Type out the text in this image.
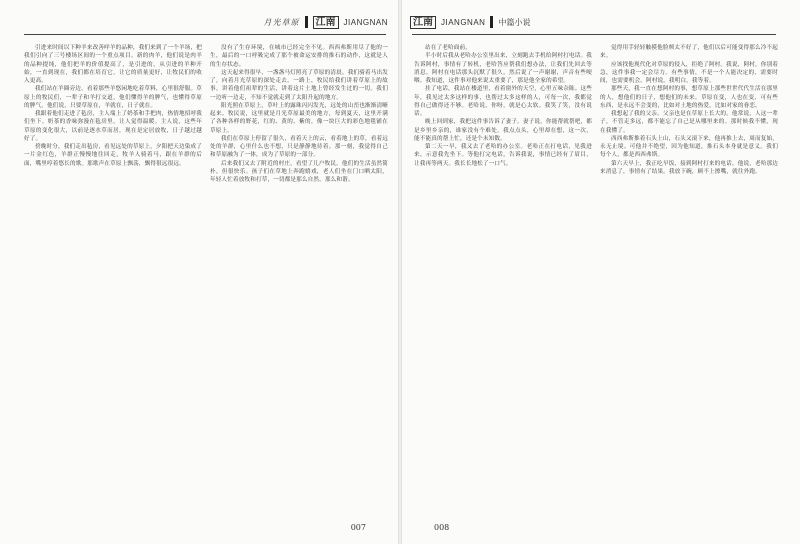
月光草原	江南	JIANGNAN

引进来时间以下种羊来改善咩羊的品种，我们来到了一个羊场，把我们引向了三号楼场区间的一个重点项目。新的肉羊，他们说是肉羊的品种提纯，他们把羊的价值提高了，是引进的，从引进的羊种开始，一直到现在，我们都在培育它，让它的质量更好，让牧民们的收入更高。

我们站在羊圈旁边，看着那些羊悠闲地吃着草料，心里很舒服。草原上的牧民们，一辈子和羊打交道，他们懂得羊的脾气，也懂得草原的脾气。他们说，只要草原在，羊就在，日子就在。

我跟着他们走进了毡房，主人端上了奶茶和手把肉，热情地招呼我们坐下。奶茶的香味弥漫在毡房里，让人觉得温暖。主人说，这些年草原的变化很大，以前是逐水草而居，现在是定居放牧，日子越过越好了。

傍晚时分，我们走出毡房，看见远处的草原上，夕阳把天边染成了一片金红色，羊群正慢慢地往回走，牧羊人骑着马，跟在羊群的后面，嘴里哼着悠长的歌。那歌声在草原上飘荡，飘得很远很远。

没有了生存环境，在城市已经完全不见。西西弗斯用尽了他的一生，最后的一口呼吸完成了那个被命运安排的推石的动作，这就是人的生存状态。

这天起来得很早，一盏盏马灯照亮了草原的清晨。我们骑着马出发了，向着月光草原的深处走去。一路上，牧民给我们讲着草原上的故事，讲着他们祖辈的生活，讲着这片土地上曾经发生过的一切。我们一边听一边走，不知不觉就走到了太阳升起的地方。

阳光照在草原上，草叶上的露珠闪闪发光，远处的山峦也渐渐清晰起来。牧民说，这里就是月光草原最美的地方，每到夏天，这里开满了各种各样的野花，红的、黄的、紫的，像一块巨大的彩色地毯铺在草原上。

我们在草原上停留了很久，看着天上的云，看着地上的草，看着远处的羊群，心里什么也不想，只是静静地待着。那一刻，我觉得自己和草原融为了一体，成为了草原的一部分。

后来我们又去了附近的村庄，看望了几户牧民。他们的生活虽然简朴，但很快乐。孩子们在草地上奔跑嬉戏，老人们坐在门口晒太阳，年轻人忙着放牧和打草，一切都是那么自然，那么和谐。

007
江南	JIANGNAN 中篇小说

站在了老哈面前。

半小时后我从老哈办公室里出来，立刻跑去手机给阿村打电话。我告诉阿村，事情有了转机，老哈答应帮我们想办法，让我们先回去等消息。阿村在电话那头沉默了很久，然后说了一声谢谢，声音有些哽咽。我知道，这件事对他来说太重要了，那是他全家的希望。

挂了电话，我站在楼道里，看着窗外的天空，心里五味杂陈。这些年，我见过太多这样的事，也帮过太多这样的人，可每一次，我都觉得自己做得还不够。老哈说，你呀，就是心太软。我笑了笑，没有说话。

晚上回到家，我把这件事告诉了妻子。妻子说，你能帮就帮吧，都是乡里乡亲的，谁家没有个难处。我点点头，心里却在想，这一次，能不能真的帮上忙，还是个未知数。

第二天一早，我又去了老哈的办公室。老哈正在打电话，见我进来，示意我先坐下。等他打完电话，告诉我说，事情已经有了眉目，让我再等两天。我长长地松了一口气。

觉得用手轻轻触摸他脸颊太不好了，他们以后可能变得那么冷不起来。

应该找他现代化对草原的侵入，拒绝了阿村。我说，阿村，你别着急，这件事我一定会尽力。有些事情，不是一个人能决定的，需要时间，也需要机会。阿村说，我明白，我等着。

那些天，我一直在想阿村的事，想草原上那些世世代代生活在那里的人，想他们的日子，想他们的未来。草原在变，人也在变，可有些东西，是永远不会变的，比如对土地的热爱，比如对家的眷恋。

我想起了我的父亲。父亲也是在草原上长大的，他常说，人这一辈子，不管走多远，都不能忘了自己是从哪里来的。那时候我不懂，现在我懂了。

西西弗斯推着石头上山，石头又滚下来，他再推上去，周而复始，永无止境。可他并不绝望，因为他知道，推石头本身就是意义。我们每个人，都是西西弗斯。

第六天早上，我正吃早饭，接到阿村打来的电话。他说，老哈那边来消息了，事情有了结果。我放下碗，顾不上擦嘴，就往外跑。

008
